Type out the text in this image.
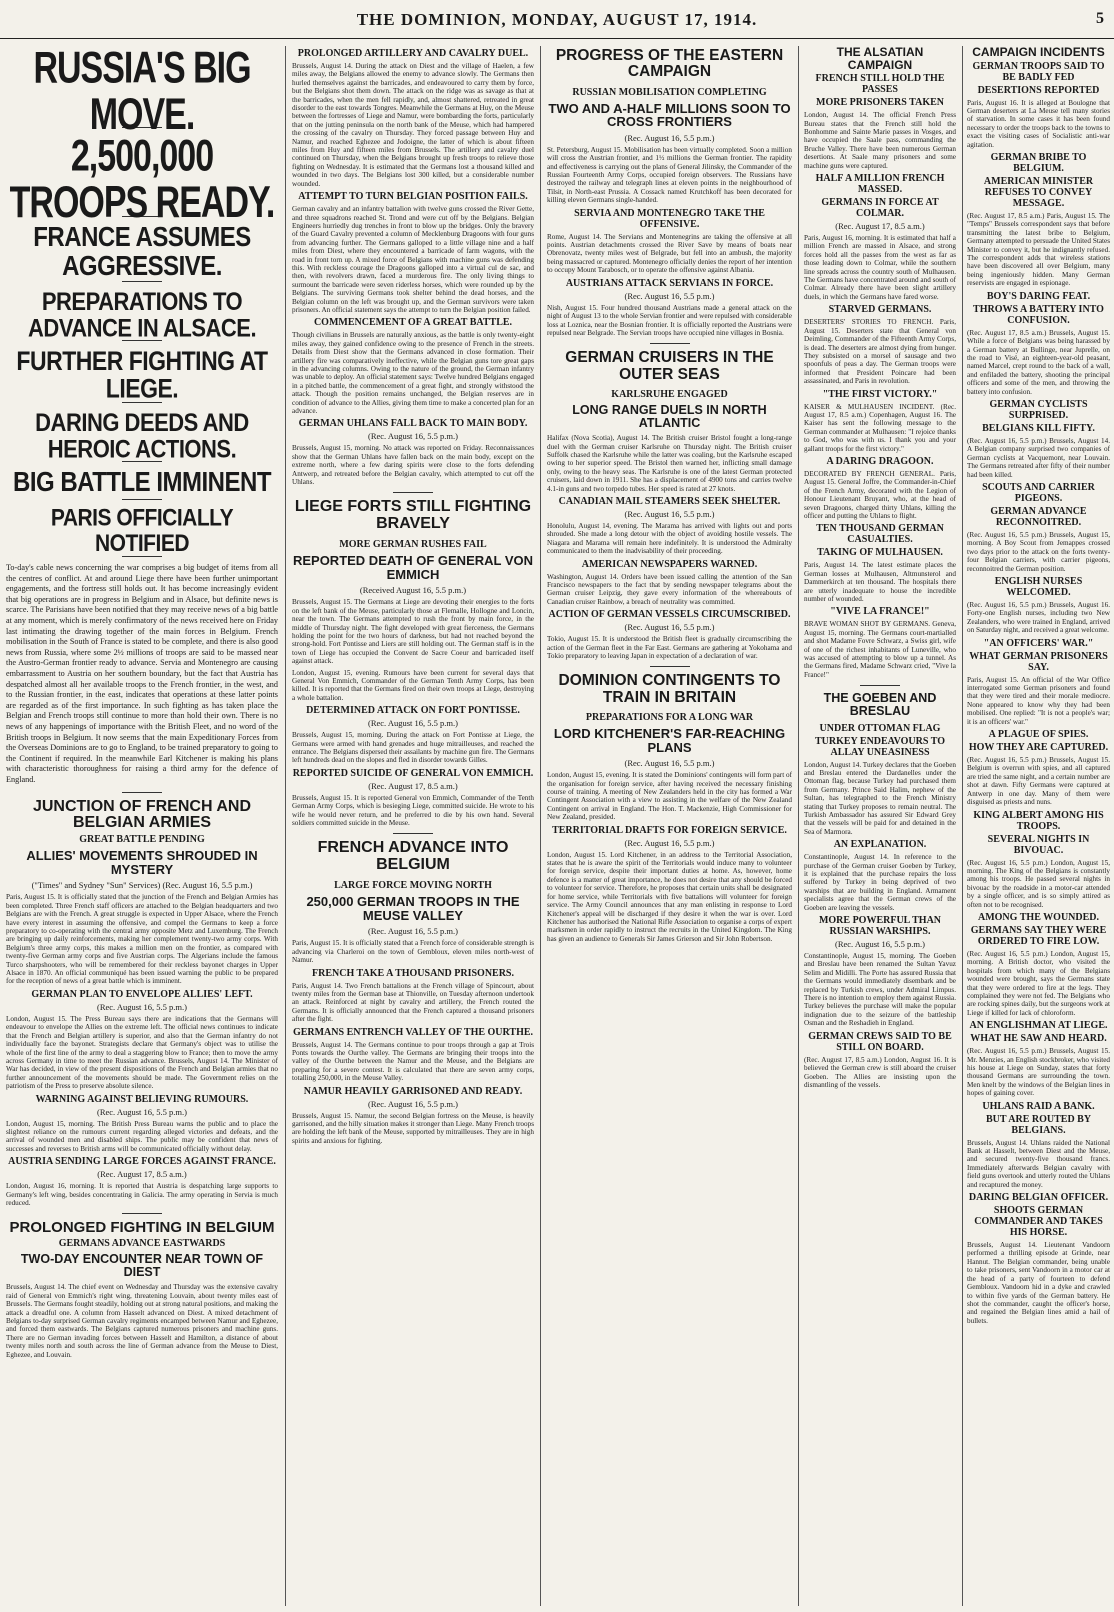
THE DOMINION, MONDAY, AUGUST 17, 1914.	5
RUSSIA'S BIG MOVE.
2,500,000 TROOPS READY.
FRANCE ASSUMES AGGRESSIVE.
PREPARATIONS TO ADVANCE IN ALSACE.
FURTHER FIGHTING AT LIEGE.
DARING DEEDS AND HEROIC ACTIONS.
BIG BATTLE IMMINENT
PARIS OFFICIALLY NOTIFIED

To-day's cable news concerning the war comprises a big budget of items from all the centres of conflict. At and around Liege there have been further unimportant engagements, and the fortress still holds out. It has become increasingly evident that big operations are in progress in Belgium and in Alsace, but definite news is scarce. The Parisians have been notified that they may receive news of a big battle at any moment, which is merely confirmatory of the news received here on Friday last intimating the drawing together of the main forces in Belgium. French mobilisation in the South of France is stated to be complete, and there is also good news from Russia, where some 2½ millions of troops are said to be massed near the Austro-German frontier ready to advance. Servia and Montenegro are causing embarrassment to Austria on her southern boundary, but the fact that Austria has despatched almost all her available troops to the French frontier, in the west, and to the Russian frontier, in the east, indicates that operations at these latter points are regarded as of the first importance. In such fighting as has taken place the Belgian and French troops still continue to more than hold their own. There is no news of any happenings of importance with the British Fleet, and no word of the British troops in Belgium. It now seems that the main Expeditionary Forces from the Overseas Dominions are to go to England, to be trained preparatory to going to the Continent if required. In the meanwhile Earl Kitchener is making his plans with characteristic thoroughness for raising a third army for the defence of England.

JUNCTION OF FRENCH AND BELGIAN ARMIES
GREAT BATTLE PENDING
ALLIES' MOVEMENTS SHROUDED IN MYSTERY

("Times" and Sydney "Sun" Services) (Rec. August 16, 5.5 p.m.)

Paris, August 15. It is officially stated that the junction of the French and Belgian Armies has been completed. Three French staff officers are attached to the Belgian headquarters and two Belgians are with the French. A great struggle is expected in Upper Alsace, where the French have every interest in assuming the offensive, and compel the Germans to keep a force preparatory to co-operating with the central army opposite Metz and Luxemburg. The French are bringing up daily reinforcements, making her complement twenty-two army corps. With Belgium's three army corps, this makes a million men on the frontier, as compared with twenty-five German army corps and five Austrian corps. The Algerians include the famous Turco sharpshooters, who will be remembered for their reckless bayonet charges in Upper Alsace in 1870. An official communiqué has been issued warning the public to be prepared for the reception of news of a great battle which is imminent.

GERMAN PLAN TO ENVELOPE ALLIES' LEFT.

(Rec. August 16, 5.5 p.m.)

London, August 15. The Press Bureau says there are indications that the Germans will endeavour to envelope the Allies on the extreme left. The official news continues to indicate that the French and Belgian artillery is superior, and also that the German infantry do not individually face the bayonet. Strategists declare that Germany's object was to utilise the whole of the first line of the army to deal a staggering blow to France; then to move the army across Germany in time to meet the Russian advance. Brussels, August 14. The Minister of War has decided, in view of the present dispositions of the French and Belgian armies that no further announcement of the movements should be made. The Government relies on the patriotism of the Press to preserve absolute silence.

WARNING AGAINST BELIEVING RUMOURS.

(Rec. August 16, 5.5 p.m.)

London, August 15, morning. The British Press Bureau warns the public and to place the slightest reliance on the rumours current regarding alleged victories and defeats, and the arrival of wounded men and disabled ships. The public may be confident that news of successes and reverses to British arms will be communicated officially without delay.

AUSTRIA SENDING LARGE FORCES AGAINST FRANCE.

(Rec. August 17, 8.5 a.m.)

London, August 16, morning. It is reported that Austria is despatching large supports to Germany's left wing, besides concentrating in Galicia. The army operating in Servia is much reduced.

PROLONGED FIGHTING IN BELGIUM
GERMANS ADVANCE EASTWARDS
TWO-DAY ENCOUNTER NEAR TOWN OF DIEST

Brussels, August 14. The chief event on Wednesday and Thursday was the extensive cavalry raid of General von Emmich's right wing, threatening Louvain, about twenty miles east of Brussels. The Germans fought steadily, holding out at strong natural positions, and making the attack a dreadful one. A column from Hasselt advanced on Diest. A mixed detachment of Belgians to-day surprised German cavalry regiments encamped between Namur and Eghezee, and forced them eastwards. The Belgians captured numerous prisoners and machine guns. There are no German invading forces between Hasselt and Hamilton, a distance of about twenty miles north and south across the line of German advance from the Meuse to Diest, Eghezee, and Louvain.

PROLONGED ARTILLERY AND CAVALRY DUEL.

Brussels, August 14. During the attack on Diest and the village of Haelen, a few miles away, the Belgians allowed the enemy to advance slowly. The Germans then hurled themselves against the barricades, and endeavoured to carry them by force, but the Belgians shot them down. The attack on the ridge was as savage as that at the barricades, when the men fell rapidly, and, almost shattered, retreated in great disorder to the east towards Tongres. Meanwhile the Germans at Huy, on the Meuse between the fortresses of Liege and Namur, were bombarding the forts, particularly that on the jutting peninsula on the north bank of the Meuse, which had hampered the crossing of the cavalry on Thursday. They forced passage between Huy and Namur, and reached Eghezee and Jodoigne, the latter of which is about fifteen miles from Huy and fifteen miles from Brussels. The artillery and cavalry duel continued on Thursday, when the Belgians brought up fresh troops to relieve those fighting on Wednesday. It is estimated that the Germans lost a thousand killed and wounded in two days. The Belgians lost 300 killed, but a considerable number wounded.

ATTEMPT TO TURN BELGIAN POSITION FAILS.

German cavalry and an infantry battalion with twelve guns crossed the River Gette, and three squadrons reached St. Trond and were cut off by the Belgians. Belgian Engineers hurriedly dug trenches in front to blow up the bridges. Only the bravery of the Guard Cavalry prevented a column of Mecklenburg Dragoons with four guns from advancing further. The Germans galloped to a little village nine and a half miles from Diest, where they encountered a barricade of farm wagons, with the road in front torn up. A mixed force of Belgians with machine guns was defending this. With reckless courage the Dragoons galloped into a virtual cul de sac, and then, with revolvers drawn, faced a murderous fire. The only living things to surmount the barricade were seven riderless horses, which were rounded up by the Belgians. The surviving Germans took shelter behind the dead horses, and the Belgian column on the left was brought up, and the German survivors were taken prisoners. An official statement says the attempt to turn the Belgian position failed.

COMMENCEMENT OF A GREAT BATTLE.

Though civilians in Brussels are naturally anxious, as the battle is only twenty-eight miles away, they gained confidence owing to the presence of French in the streets. Details from Diest show that the Germans advanced in close formation. Their artillery fire was comparatively ineffective, while the Belgian guns tore great gaps in the advancing columns. Owing to the nature of the ground, the German infantry was unable to deploy. An official statement says: Twelve hundred Belgians engaged in a pitched battle, the commencement of a great fight, and strongly withstood the attack. Though the position remains unchanged, the Belgian reserves are in condition of advance to the Allies, giving them time to make a concerted plan for an advance.

GERMAN UHLANS FALL BACK TO MAIN BODY.

(Rec. August 16, 5.5 p.m.)

Brussels, August 15, morning. No attack was reported on Friday. Reconnaissances show that the German Uhlans have fallen back on the main body, except on the extreme north, where a few daring spirits were close to the forts defending Antwerp, and retreated before the Belgian cavalry, which attempted to cut off the Uhlans.

LIEGE FORTS STILL FIGHTING BRAVELY
MORE GERMAN RUSHES FAIL
REPORTED DEATH OF GENERAL VON EMMICH

(Received August 16, 5.5 p.m.)

Brussels, August 15. The Germans at Liege are devoting their energies to the forts on the left bank of the Meuse, particularly those at Flemalle, Hollogne and Loncin, near the town. The Germans attempted to rush the front by main force, in the middle of Thursday night. The fight developed with great fierceness, the Germans holding the point for the two hours of darkness, but had not reached beyond the strong-hold. Fort Pontisse and Liers are still holding out. The German staff is in the town of Liege has occupied the Convent de Sacre Coeur and barricaded itself against attack.

London, August 15, evening. Rumours have been current for several days that General Von Emmich, Commander of the German Tenth Army Corps, has been killed. It is reported that the Germans fired on their own troops at Liege, destroying a whole battalion.

DETERMINED ATTACK ON FORT PONTISSE.

(Rec. August 16, 5.5 p.m.)

Brussels, August 15, morning. During the attack on Fort Pontisse at Liege, the Germans were armed with hand grenades and huge mitrailleuses, and reached the entrance. The Belgians dispersed their assailants by machine gun fire. The Germans left hundreds dead on the slopes and fled in disorder towards Gilles.

REPORTED SUICIDE OF GENERAL VON EMMICH.

(Rec. August 17, 8.5 a.m.)

Brussels, August 15. It is reported General von Emmich, Commander of the Tenth German Army Corps, which is besieging Liege, committed suicide. He wrote to his wife he would never return, and he preferred to die by his own hand. Several soldiers committed suicide in the Meuse.

FRENCH ADVANCE INTO BELGIUM
LARGE FORCE MOVING NORTH
250,000 GERMAN TROOPS IN THE MEUSE VALLEY

(Rec. August 16, 5.5 p.m.)

Paris, August 15. It is officially stated that a French force of considerable strength is advancing via Charleroi on the town of Gembloux, eleven miles north-west of Namur.

FRENCH TAKE A THOUSAND PRISONERS.

Paris, August 14. Two French battalions at the French village of Spincourt, about twenty miles from the German base at Thionville, on Tuesday afternoon undertook an attack. Reinforced at night by cavalry and artillery, the French routed the Germans. It is officially announced that the French captured a thousand prisoners after the fight.

GERMANS ENTRENCH VALLEY OF THE OURTHE.

Brussels, August 14. The Germans continue to pour troops through a gap at Trois Ponts towards the Ourthe valley. The Germans are bringing their troops into the valley of the Ourthe between the Namur and the Meuse, and the Belgians are preparing for a severe contest. It is calculated that there are seven army corps, totalling 250,000, in the Meuse Valley.

NAMUR HEAVILY GARRISONED AND READY.

(Rec. August 16, 5.5 p.m.)

Brussels, August 15. Namur, the second Belgian fortress on the Meuse, is heavily garrisoned, and the hilly situation makes it stronger than Liege. Many French troops are holding the left bank of the Meuse, supported by mitrailleuses. They are in high spirits and anxious for fighting.

PROGRESS OF THE EASTERN CAMPAIGN
RUSSIAN MOBILISATION COMPLETING
TWO AND A-HALF MILLIONS SOON TO CROSS FRONTIERS

(Rec. August 16, 5.5 p.m.)

St. Petersburg, August 15. Mobilisation has been virtually completed. Soon a million will cross the Austrian frontier, and 1½ millions the German frontier. The rapidity and effectiveness is carrying out the plans of General Jilinsky, the Commander of the Russian Fourteenth Army Corps, occupied foreign observers. The Russians have destroyed the railway and telegraph lines at eleven points in the neighbourhood of Tilsit, in North-east Prussia. A Cossack named Krutchkoff has been decorated for killing eleven Germans single-handed.

SERVIA AND MONTENEGRO TAKE THE OFFENSIVE.

Rome, August 14. The Servians and Montenegrins are taking the offensive at all points. Austrian detachments crossed the River Save by means of boats near Obrenovatz, twenty miles west of Belgrade, but fell into an ambush, the majority being massacred or captured. Montenegro officially denies the report of her intention to occupy Mount Tarabosch, or to operate the offensive against Albania.

AUSTRIANS ATTACK SERVIANS IN FORCE.

(Rec. August 16, 5.5 p.m.)

Nish, August 15. Four hundred thousand Austrians made a general attack on the night of August 13 to the whole Servian frontier and were repulsed with considerable loss at Loznica, near the Bosnian frontier. It is officially reported the Austrians were repulsed near Belgrade. The Servian troops have occupied nine villages in Bosnia.

GERMAN CRUISERS IN THE OUTER SEAS
KARLSRUHE ENGAGED
LONG RANGE DUELS IN NORTH ATLANTIC

Halifax (Nova Scotia), August 14. The British cruiser Bristol fought a long-range duel with the German cruiser Karlsruhe on Thursday night. The British cruiser Suffolk chased the Karlsruhe while the latter was coaling, but the Karlsruhe escaped owing to her superior speed. The Bristol then warned her, inflicting small damage only, owing to the heavy seas. The Karlsruhe is one of the latest German protected cruisers, laid down in 1911. She has a displacement of 4900 tons and carries twelve 4.1-in guns and two torpedo tubes. Her speed is rated at 27 knots.

CANADIAN MAIL STEAMERS SEEK SHELTER.

(Rec. August 16, 5.5 p.m.)

Honolulu, August 14, evening. The Marama has arrived with lights out and ports shrouded. She made a long detour with the object of avoiding hostile vessels. The Niagara and Marama will remain here indefinitely. It is understood the Admiralty communicated to them the inadvisability of their proceeding.

AMERICAN NEWSPAPERS WARNED.

Washington, August 14. Orders have been issued calling the attention of the San Francisco newspapers to the fact that by sending newspaper telegrams about the German cruiser Leipzig, they gave every information of the whereabouts of Canadian cruiser Rainbow, a breach of neutrality was committed.

ACTION OF GERMAN VESSELS CIRCUMSCRIBED.

(Rec. August 16, 5.5 p.m.)

Tokio, August 15. It is understood the British fleet is gradually circumscribing the action of the German fleet in the Far East. Germans are gathering at Yokohama and Tokio preparatory to leaving Japan in expectation of a declaration of war.

DOMINION CONTINGENTS TO TRAIN IN BRITAIN
PREPARATIONS FOR A LONG WAR
LORD KITCHENER'S FAR-REACHING PLANS

(Rec. August 16, 5.5 p.m.)

London, August 15, evening. It is stated the Dominions' contingents will form part of the organisation for foreign service, after having received the necessary finishing course of training. A meeting of New Zealanders held in the city has formed a War Contingent Association with a view to assisting in the welfare of the New Zealand Contingent on arrival in England. The Hon. T. Mackenzie, High Commissioner for New Zealand, presided.

TERRITORIAL DRAFTS FOR FOREIGN SERVICE.

(Rec. August 16, 5.5 p.m.)

London, August 15. Lord Kitchener, in an address to the Territorial Association, states that he is aware the spirit of the Territorials would induce many to volunteer for foreign service, despite their important duties at home. As, however, home defence is a matter of great importance, he does not desire that any should be forced to volunteer for service. Therefore, he proposes that certain units shall be designated for home service, while Territorials with five battalions will volunteer for foreign service. The Army Council announces that any man enlisting in response to Lord Kitchener's appeal will be discharged if they desire it when the war is over. Lord Kitchener has authorised the National Rifle Association to organise a corps of expert marksmen in order rapidly to instruct the recruits in the United Kingdom. The King has given an audience to Generals Sir James Grierson and Sir John Robertson.

THE ALSATIAN CAMPAIGN
FRENCH STILL HOLD THE PASSES
MORE PRISONERS TAKEN

London, August 14. The official French Press Bureau states that the French still hold the Bonhomme and Sainte Marie passes in Vosges, and have occupied the Saale pass, commanding the Bruche Valley. There have been numerous German desertions. At Saale many prisoners and some machine guns were captured.

HALF A MILLION FRENCH MASSED.
GERMANS IN FORCE AT COLMAR.

(Rec. August 17, 8.5 a.m.)

Paris, August 16, morning. It is estimated that half a million French are massed in Alsace, and strong forces hold all the passes from the west as far as those leading down to Colmar, while the southern line spreads across the country south of Mulhausen. The Germans have concentrated around and south of Colmar. Already there have been slight artillery duels, in which the Germans have fared worse.

STARVED GERMANS.

DESERTERS' STORIES TO FRENCH. Paris, August 15. Deserters state that General von Deimling, Commander of the Fifteenth Army Corps, is dead. The deserters are almost dying from hunger. They subsisted on a morsel of sausage and two spoonfuls of peas a day. The German troops were informed that President Poincare had been assassinated, and Paris in revolution.

"THE FIRST VICTORY."

KAISER & MULHAUSEN INCIDENT. (Rec. August 17, 8.5 a.m.) Copenhagen, August 16. The Kaiser has sent the following message to the German commander at Mulhausen: "I rejoice thanks to God, who was with us. I thank you and your gallant troops for the first victory."

A DARING DRAGOON.

DECORATED BY FRENCH GENERAL. Paris, August 15. General Joffre, the Commander-in-Chief of the French Army, decorated with the Legion of Honour Lieutenant Bruyant, who, at the head of seven Dragoons, charged thirty Uhlans, killing the officer and putting the Uhlans to flight.

TEN THOUSAND GERMAN CASUALTIES.
TAKING OF MULHAUSEN.

Paris, August 14. The latest estimate places the German losses at Mulhausen, Altmunsterol and Dammerkirch at ten thousand. The hospitals there are utterly inadequate to house the incredible number of wounded.

"VIVE LA FRANCE!"

BRAVE WOMAN SHOT BY GERMANS. Geneva, August 15, morning. The Germans court-martialled and shot Madame Fovre Schwarz, a Swiss girl, wife of one of the richest inhabitants of Luneville, who was accused of attempting to blow up a tunnel. As the Germans fired, Madame Schwarz cried, "Vive la France!"

THE GOEBEN AND BRESLAU
UNDER OTTOMAN FLAG
TURKEY ENDEAVOURS TO ALLAY UNEASINESS

London, August 14. Turkey declares that the Goeben and Breslau entered the Dardanelles under the Ottoman flag, because Turkey had purchased them from Germany. Prince Said Halim, nephew of the Sultan, has telegraphed to the French Ministry stating that Turkey proposes to remain neutral. The Turkish Ambassador has assured Sir Edward Grey that the vessels will be paid for and detained in the Sea of Marmora.

AN EXPLANATION.

Constantinople, August 14. In reference to the purchase of the German cruiser Goeben by Turkey, it is explained that the purchase repairs the loss suffered by Turkey in being deprived of two warships that are building in England. Armament specialists agree that the German crews of the Goeben are leaving the vessels.

MORE POWERFUL THAN RUSSIAN WARSHIPS.

(Rec. August 16, 5.5 p.m.)

Constantinople, August 15, morning. The Goeben and Breslau have been renamed the Sultan Yavuz Selim and Midilli. The Porte has assured Russia that the Germans would immediately disembark and be replaced by Turkish crews, under Admiral Limpus. There is no intention to employ them against Russia. Turkey believes the purchase will make the popular indignation due to the seizure of the battleship Osman and the Reshadieh in England.

GERMAN CREWS SAID TO BE STILL ON BOARD.

(Rec. August 17, 8.5 a.m.) London, August 16. It is believed the German crew is still aboard the cruiser Goeben. The Allies are insisting upon the dismantling of the vessels.

CAMPAIGN INCIDENTS
GERMAN TROOPS SAID TO BE BADLY FED
DESERTIONS REPORTED

Paris, August 16. It is alleged at Boulogne that German deserters at La Meuse tell many stories of starvation. In some cases it has been found necessary to order the troops back to the towns to exact the visiting cases of Socialistic anti-war agitation.

GERMAN BRIBE TO BELGIUM.
AMERICAN MINISTER REFUSES TO CONVEY MESSAGE.

(Rec. August 17, 8.5 a.m.) Paris, August 15. The "Temps" Brussels correspondent says that before transmitting the latest bribe to Belgium, Germany attempted to persuade the United States Minister to convey it, but he indignantly refused. The correspondent adds that wireless stations have been discovered all over Belgium, many being ingeniously hidden. Many German reservists are engaged in espionage.

BOY'S DARING FEAT.
THROWS A BATTERY INTO CONFUSION.

(Rec. August 17, 8.5 a.m.) Brussels, August 15. While a force of Belgians was being harassed by a German battery at Bullinge, near Juprelle, on the road to Visé, an eighteen-year-old peasant, named Marcel, crept round to the back of a wall, and enfiladed the battery, shooting the principal officers and some of the men, and throwing the battery into confusion.

GERMAN CYCLISTS SURPRISED.
BELGIANS KILL FIFTY.

(Rec. August 16, 5.5 p.m.) Brussels, August 14. A Belgian company surprised two companies of German cyclists at Vacquemont, near Louvain. The Germans retreated after fifty of their number had been killed.

SCOUTS AND CARRIER PIGEONS.
GERMAN ADVANCE RECONNOITRED.

(Rec. August 16, 5.5 p.m.) Brussels, August 15, morning. A Boy Scout from Jemappes crossed two days prior to the attack on the forts twenty-four Belgian carriers, with carrier pigeons, reconnoitred the German position.

ENGLISH NURSES WELCOMED.

(Rec. August 16, 5.5 p.m.) Brussels, August 16. Forty-one English nurses, including two New Zealanders, who were trained in England, arrived on Saturday night, and received a great welcome.

"AN OFFICERS' WAR."
WHAT GERMAN PRISONERS SAY.

Paris, August 15. An official of the War Office interrogated some German prisoners and found that they were tired and their morale mediocre. None appeared to know why they had been mobilised. One replied: "It is not a people's war; it is an officers' war."

A PLAGUE OF SPIES.
HOW THEY ARE CAPTURED.

(Rec. August 16, 5.5 p.m.) Brussels, August 15. Belgium is overrun with spies, and all captured are tried the same night, and a certain number are shot at dawn. Fifty Germans were captured at Antwerp in one day. Many of them were disguised as priests and nuns.

KING ALBERT AMONG HIS TROOPS.
SEVERAL NIGHTS IN BIVOUAC.

(Rec. August 16, 5.5 p.m.) London, August 15, morning. The King of the Belgians is constantly among his troops. He passed several nights in bivouac by the roadside in a motor-car attended by a single officer, and is so simply attired as often not to be recognised.

AMONG THE WOUNDED.
GERMANS SAY THEY WERE ORDERED TO FIRE LOW.

(Rec. August 16, 5.5 p.m.) London, August 15, morning. A British doctor, who visited the hospitals from which many of the Belgians wounded were brought, says the Germans state that they were ordered to fire at the legs. They complained they were not fed. The Belgians who are rocking spines daily, but the surgeons work at Liege if killed for lack of chloroform.

AN ENGLISHMAN AT LIEGE.
WHAT HE SAW AND HEARD.

(Rec. August 16, 5.5 p.m.) Brussels, August 15. Mr. Menzies, an English stockbroker, who visited his house at Liege on Sunday, states that forty thousand Germans are surrounding the town. Men knelt by the windows of the Belgian lines in hopes of gaining cover.

UHLANS RAID A BANK.
BUT ARE ROUTED BY BELGIANS.

Brussels, August 14. Uhlans raided the National Bank at Hasselt, between Diest and the Meuse, and secured twenty-five thousand francs. Immediately afterwards Belgian cavalry with field guns overtook and utterly routed the Uhlans and recaptured the money.

DARING BELGIAN OFFICER.
SHOOTS GERMAN COMMANDER AND TAKES HIS HORSE.

Brussels, August 14. Lieutenant Vandoorn performed a thrilling episode at Grinde, near Hannut. The Belgian commander, being unable to take prisoners, sent Vandoorn in a motor car at the head of a party of fourteen to defend Gembloux. Vandoorn hid in a dyke and crawled to within five yards of the German battery. He shot the commander, caught the officer's horse, and regained the Belgian lines amid a hail of bullets.
